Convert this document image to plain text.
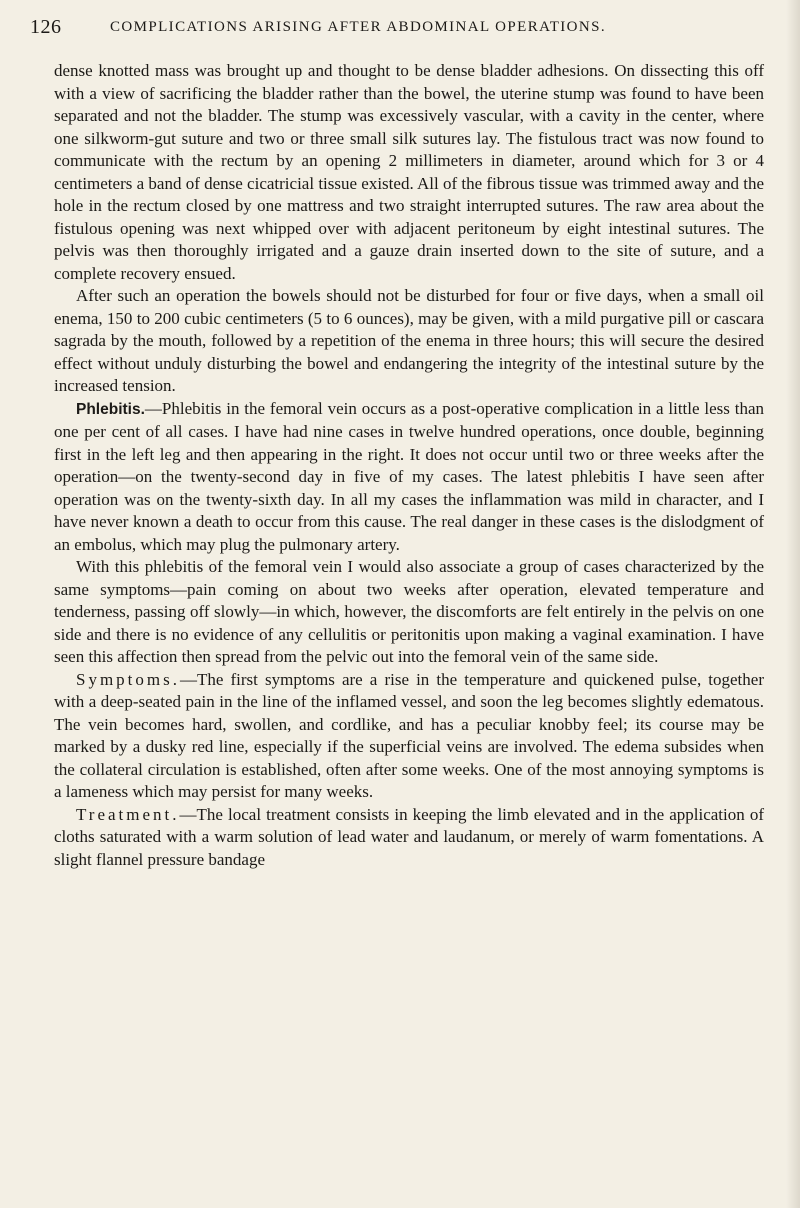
126	COMPLICATIONS ARISING AFTER ABDOMINAL OPERATIONS.

dense knotted mass was brought up and thought to be dense bladder adhesions. On dissecting this off with a view of sacrificing the bladder rather than the bowel, the uterine stump was found to have been separated and not the bladder. The stump was excessively vascular, with a cavity in the center, where one silkworm-gut suture and two or three small silk sutures lay. The fistulous tract was now found to communicate with the rectum by an opening 2 millimeters in diameter, around which for 3 or 4 centimeters a band of dense cicatricial tissue existed. All of the fibrous tissue was trimmed away and the hole in the rectum closed by one mattress and two straight interrupted sutures. The raw area about the fistulous opening was next whipped over with adjacent peritoneum by eight intestinal sutures. The pelvis was then thoroughly irrigated and a gauze drain inserted down to the site of suture, and a complete recovery ensued.

After such an operation the bowels should not be disturbed for four or five days, when a small oil enema, 150 to 200 cubic centimeters (5 to 6 ounces), may be given, with a mild purgative pill or cascara sagrada by the mouth, followed by a repetition of the enema in three hours; this will secure the desired effect without unduly disturbing the bowel and endangering the integrity of the intestinal suture by the increased tension.

Phlebitis.—Phlebitis in the femoral vein occurs as a post-operative complication in a little less than one per cent of all cases. I have had nine cases in twelve hundred operations, once double, beginning first in the left leg and then appearing in the right. It does not occur until two or three weeks after the operation—on the twenty-second day in five of my cases. The latest phlebitis I have seen after operation was on the twenty-sixth day. In all my cases the inflammation was mild in character, and I have never known a death to occur from this cause. The real danger in these cases is the dislodgment of an embolus, which may plug the pulmonary artery.

With this phlebitis of the femoral vein I would also associate a group of cases characterized by the same symptoms—pain coming on about two weeks after operation, elevated temperature and tenderness, passing off slowly—in which, however, the discomforts are felt entirely in the pelvis on one side and there is no evidence of any cellulitis or peritonitis upon making a vaginal examination. I have seen this affection then spread from the pelvic out into the femoral vein of the same side.

Symptoms.—The first symptoms are a rise in the temperature and quickened pulse, together with a deep-seated pain in the line of the inflamed vessel, and soon the leg becomes slightly edematous. The vein becomes hard, swollen, and cordlike, and has a peculiar knobby feel; its course may be marked by a dusky red line, especially if the superficial veins are involved. The edema subsides when the collateral circulation is established, often after some weeks. One of the most annoying symptoms is a lameness which may persist for many weeks.

Treatment.—The local treatment consists in keeping the limb elevated and in the application of cloths saturated with a warm solution of lead water and laudanum, or merely of warm fomentations. A slight flannel pressure bandage
